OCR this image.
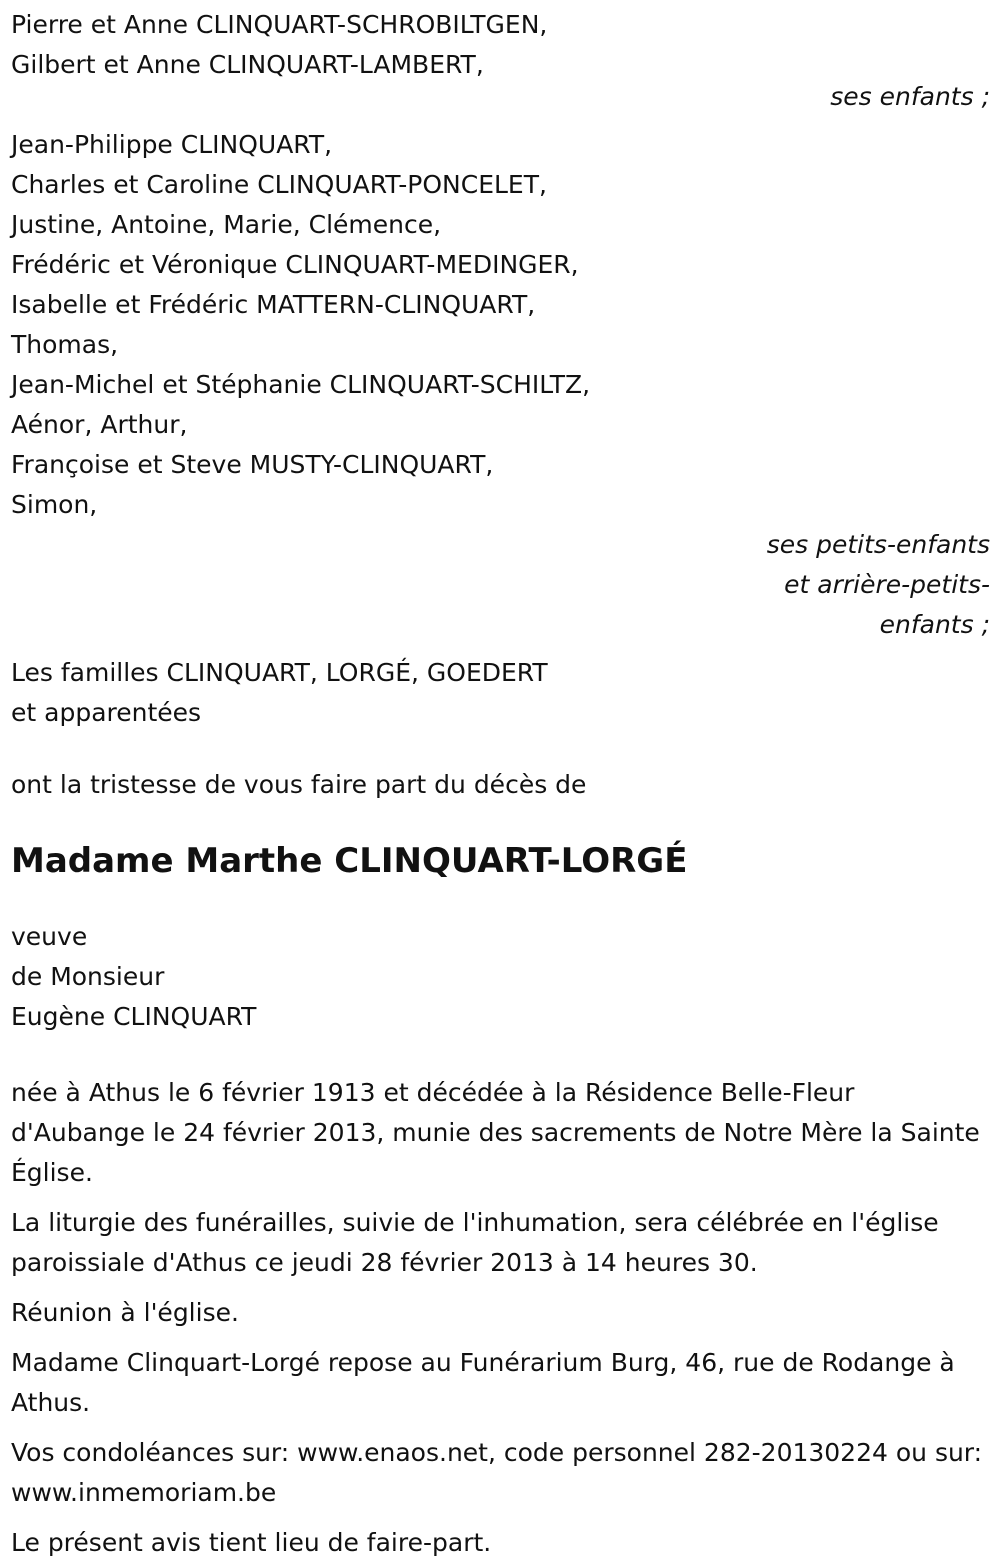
Pierre et Anne CLINQUART-SCHROBILTGEN,
Gilbert et Anne CLINQUART-LAMBERT,
ses enfants ;
Jean-Philippe CLINQUART,
Charles et Caroline CLINQUART-PONCELET,
Justine, Antoine, Marie, Clémence,
Frédéric et Véronique CLINQUART-MEDINGER,
Isabelle et Frédéric MATTERN-CLINQUART,
Thomas,
Jean-Michel et Stéphanie CLINQUART-SCHILTZ,
Aénor, Arthur,
Françoise et Steve MUSTY-CLINQUART,
Simon,
ses petits-enfants
et arrière-petits-
enfants ;
Les familles CLINQUART, LORGÉ, GOEDERT
et apparentées
ont la tristesse de vous faire part du décès de
Madame Marthe CLINQUART-LORGÉ
veuve
de Monsieur
Eugène CLINQUART

née à Athus le 6 février 1913 et décédée à la Résidence Belle-Fleur d'Aubange le 24 février 2013, munie des sacrements de Notre Mère la Sainte Église.

La liturgie des funérailles, suivie de l'inhumation, sera célébrée en l'église paroissiale d'Athus ce jeudi 28 février 2013 à 14 heures 30.

Réunion à l'église.

Madame Clinquart-Lorgé repose au Funérarium Burg, 46, rue de Rodange à Athus.

Vos condoléances sur: www.enaos.net, code personnel 282-20130224 ou sur: www.inmemoriam.be

Le présent avis tient lieu de faire-part.
